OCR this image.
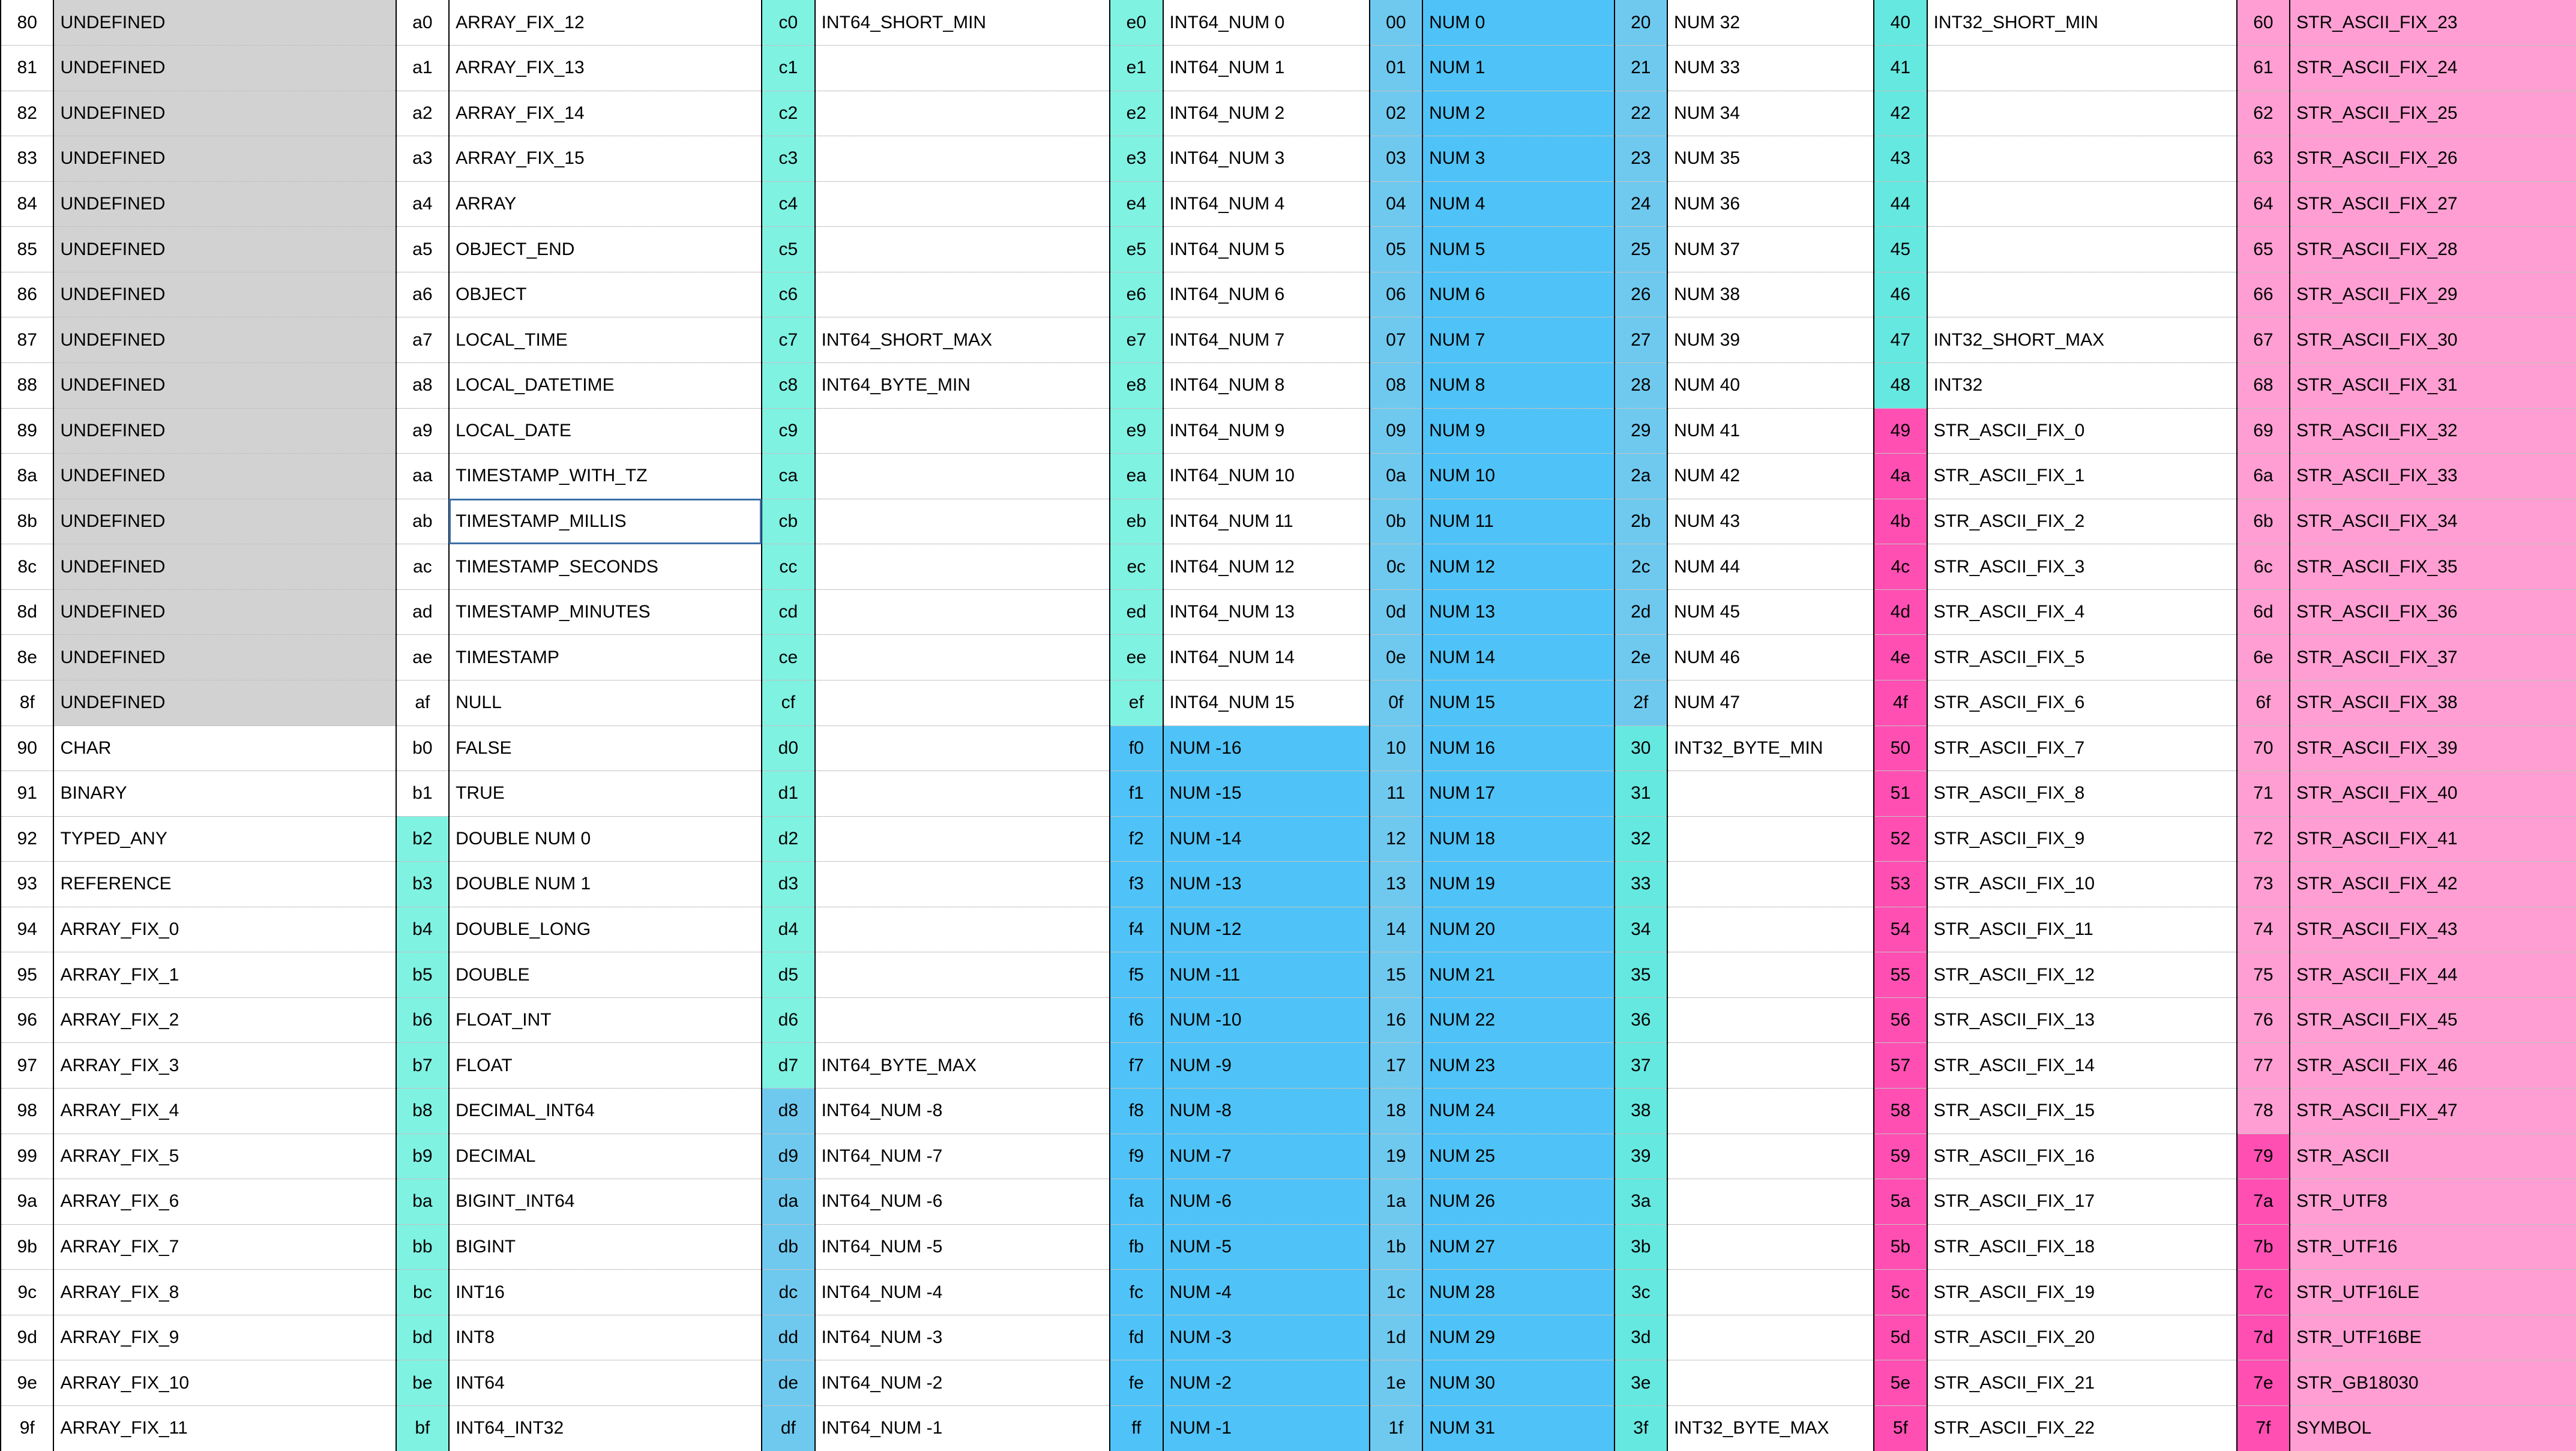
80	UNDEFINED	a0	ARRAY_FIX_12	c0	INT64_SHORT_MIN	e0	INT64_NUM 0	00	NUM 0	20	NUM 32	40	INT32_SHORT_MIN	60	STR_ASCII_FIX_23
81	UNDEFINED	a1	ARRAY_FIX_13	c1		e1	INT64_NUM 1	01	NUM 1	21	NUM 33	41		61	STR_ASCII_FIX_24
82	UNDEFINED	a2	ARRAY_FIX_14	c2		e2	INT64_NUM 2	02	NUM 2	22	NUM 34	42		62	STR_ASCII_FIX_25
83	UNDEFINED	a3	ARRAY_FIX_15	c3		e3	INT64_NUM 3	03	NUM 3	23	NUM 35	43		63	STR_ASCII_FIX_26
84	UNDEFINED	a4	ARRAY	c4		e4	INT64_NUM 4	04	NUM 4	24	NUM 36	44		64	STR_ASCII_FIX_27
85	UNDEFINED	a5	OBJECT_END	c5		e5	INT64_NUM 5	05	NUM 5	25	NUM 37	45		65	STR_ASCII_FIX_28
86	UNDEFINED	a6	OBJECT	c6		e6	INT64_NUM 6	06	NUM 6	26	NUM 38	46		66	STR_ASCII_FIX_29
87	UNDEFINED	a7	LOCAL_TIME	c7	INT64_SHORT_MAX	e7	INT64_NUM 7	07	NUM 7	27	NUM 39	47	INT32_SHORT_MAX	67	STR_ASCII_FIX_30
88	UNDEFINED	a8	LOCAL_DATETIME	c8	INT64_BYTE_MIN	e8	INT64_NUM 8	08	NUM 8	28	NUM 40	48	INT32	68	STR_ASCII_FIX_31
89	UNDEFINED	a9	LOCAL_DATE	c9		e9	INT64_NUM 9	09	NUM 9	29	NUM 41	49	STR_ASCII_FIX_0	69	STR_ASCII_FIX_32
8a	UNDEFINED	aa	TIMESTAMP_WITH_TZ	ca		ea	INT64_NUM 10	0a	NUM 10	2a	NUM 42	4a	STR_ASCII_FIX_1	6a	STR_ASCII_FIX_33
8b	UNDEFINED	ab	TIMESTAMP_MILLIS	cb		eb	INT64_NUM 11	0b	NUM 11	2b	NUM 43	4b	STR_ASCII_FIX_2	6b	STR_ASCII_FIX_34
8c	UNDEFINED	ac	TIMESTAMP_SECONDS	cc		ec	INT64_NUM 12	0c	NUM 12	2c	NUM 44	4c	STR_ASCII_FIX_3	6c	STR_ASCII_FIX_35
8d	UNDEFINED	ad	TIMESTAMP_MINUTES	cd		ed	INT64_NUM 13	0d	NUM 13	2d	NUM 45	4d	STR_ASCII_FIX_4	6d	STR_ASCII_FIX_36
8e	UNDEFINED	ae	TIMESTAMP	ce		ee	INT64_NUM 14	0e	NUM 14	2e	NUM 46	4e	STR_ASCII_FIX_5	6e	STR_ASCII_FIX_37
8f	UNDEFINED	af	NULL	cf		ef	INT64_NUM 15	0f	NUM 15	2f	NUM 47	4f	STR_ASCII_FIX_6	6f	STR_ASCII_FIX_38
90	CHAR	b0	FALSE	d0		f0	NUM -16	10	NUM 16	30	INT32_BYTE_MIN	50	STR_ASCII_FIX_7	70	STR_ASCII_FIX_39
91	BINARY	b1	TRUE	d1		f1	NUM -15	11	NUM 17	31		51	STR_ASCII_FIX_8	71	STR_ASCII_FIX_40
92	TYPED_ANY	b2	DOUBLE NUM 0	d2		f2	NUM -14	12	NUM 18	32		52	STR_ASCII_FIX_9	72	STR_ASCII_FIX_41
93	REFERENCE	b3	DOUBLE NUM 1	d3		f3	NUM -13	13	NUM 19	33		53	STR_ASCII_FIX_10	73	STR_ASCII_FIX_42
94	ARRAY_FIX_0	b4	DOUBLE_LONG	d4		f4	NUM -12	14	NUM 20	34		54	STR_ASCII_FIX_11	74	STR_ASCII_FIX_43
95	ARRAY_FIX_1	b5	DOUBLE	d5		f5	NUM -11	15	NUM 21	35		55	STR_ASCII_FIX_12	75	STR_ASCII_FIX_44
96	ARRAY_FIX_2	b6	FLOAT_INT	d6		f6	NUM -10	16	NUM 22	36		56	STR_ASCII_FIX_13	76	STR_ASCII_FIX_45
97	ARRAY_FIX_3	b7	FLOAT	d7	INT64_BYTE_MAX	f7	NUM -9	17	NUM 23	37		57	STR_ASCII_FIX_14	77	STR_ASCII_FIX_46
98	ARRAY_FIX_4	b8	DECIMAL_INT64	d8	INT64_NUM -8	f8	NUM -8	18	NUM 24	38		58	STR_ASCII_FIX_15	78	STR_ASCII_FIX_47
99	ARRAY_FIX_5	b9	DECIMAL	d9	INT64_NUM -7	f9	NUM -7	19	NUM 25	39		59	STR_ASCII_FIX_16	79	STR_ASCII
9a	ARRAY_FIX_6	ba	BIGINT_INT64	da	INT64_NUM -6	fa	NUM -6	1a	NUM 26	3a		5a	STR_ASCII_FIX_17	7a	STR_UTF8
9b	ARRAY_FIX_7	bb	BIGINT	db	INT64_NUM -5	fb	NUM -5	1b	NUM 27	3b		5b	STR_ASCII_FIX_18	7b	STR_UTF16
9c	ARRAY_FIX_8	bc	INT16	dc	INT64_NUM -4	fc	NUM -4	1c	NUM 28	3c		5c	STR_ASCII_FIX_19	7c	STR_UTF16LE
9d	ARRAY_FIX_9	bd	INT8	dd	INT64_NUM -3	fd	NUM -3	1d	NUM 29	3d		5d	STR_ASCII_FIX_20	7d	STR_UTF16BE
9e	ARRAY_FIX_10	be	INT64	de	INT64_NUM -2	fe	NUM -2	1e	NUM 30	3e		5e	STR_ASCII_FIX_21	7e	STR_GB18030
9f	ARRAY_FIX_11	bf	INT64_INT32	df	INT64_NUM -1	ff	NUM -1	1f	NUM 31	3f	INT32_BYTE_MAX	5f	STR_ASCII_FIX_22	7f	SYMBOL
